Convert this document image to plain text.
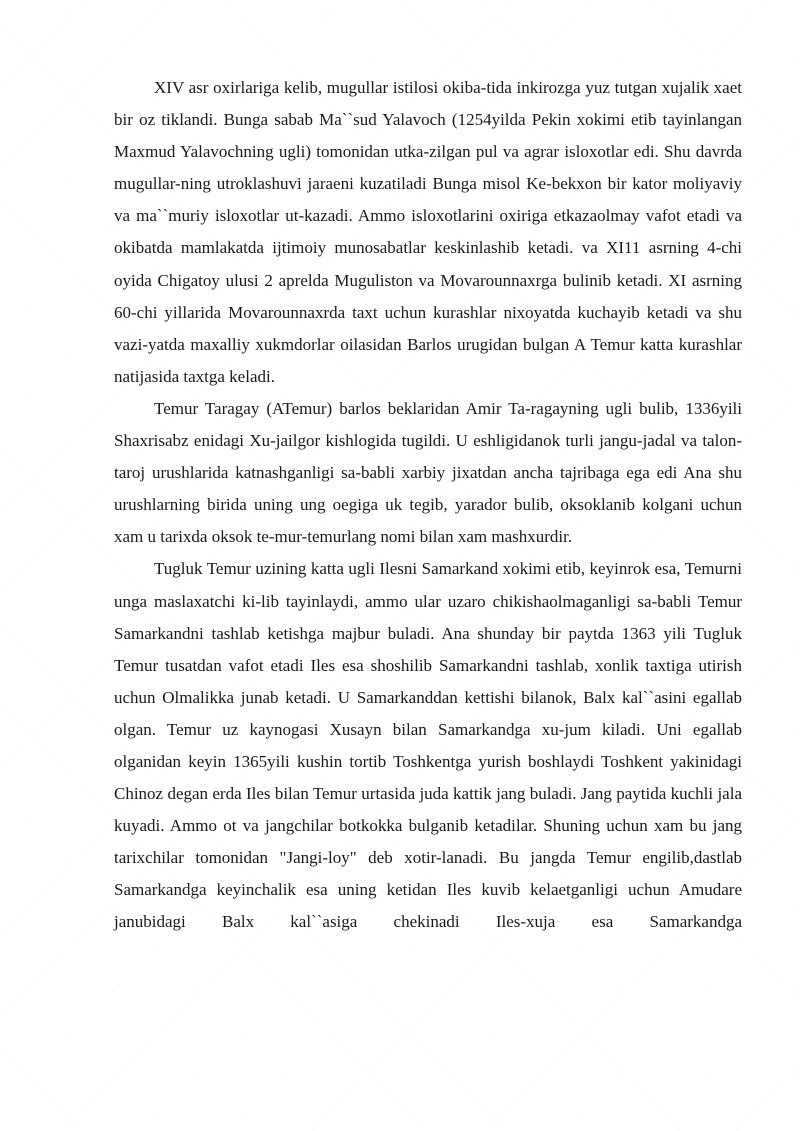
XIV asr oxirlariga kelib, mugullar istilosi okiba-tida inkirozga yuz tutgan xujalik xaet bir oz tiklandi. Bunga sabab Ma``sud Yalavoch (1254yilda Pekin xokimi etib tayinlangan Maxmud Yalavochning ugli) tomonidan utka-zilgan pul va agrar isloxotlar edi. Shu davrda mugullar-ning utroklashuvi jaraeni kuzatiladi Bunga misol Ke-bekxon bir kator moliyaviy va ma``muriy isloxotlar ut-kazadi. Ammo isloxotlarini oxiriga etkazaolmay vafot etadi va okibatda mamlakatda ijtimoiy munosabatlar keskinlashib ketadi. va XI11 asrning 4-chi oyida Chigatoy ulusi 2 aprelda Muguliston va Movarounnaxrga bulinib ketadi. XI asrning 60-chi yillarida Movarounnaxrda taxt uchun kurashlar nixoyatda kuchayib ketadi va shu vazi-yatda maxalliy xukmdorlar oilasidan Barlos urugidan bulgan A Temur katta kurashlar natijasida taxtga keladi.

Temur Taragay (ATemur) barlos beklaridan Amir Ta-ragayning ugli bulib, 1336yili Shaxrisabz enidagi Xu-jailgor kishlogida tugildi. U eshligidanok turli jangu-jadal va talon-taroj urushlarida katnashganligi sa-babli xarbiy jixatdan ancha tajribaga ega edi Ana shu urushlarning birida uning ung oegiga uk tegib, yarador bulib, oksoklanib kolgani uchun xam u tarixda oksok te-mur-temurlang nomi bilan xam mashxurdir.

Tugluk Temur uzining katta ugli Ilesni Samarkand xokimi etib, keyinrok esa, Temurni unga maslaxatchi ki-lib tayinlaydi, ammo ular uzaro chikishaolmaganligi sa-babli Temur Samarkandni tashlab ketishga majbur buladi. Ana shunday bir paytda 1363 yili Tugluk Temur tusatdan vafot etadi Iles esa shoshilib Samarkandni tashlab, xonlik taxtiga utirish uchun Olmalikka junab ketadi. U Samarkanddan kettishi bilanok, Balx kal``asini egallab olgan. Temur uz kaynogasi Xusayn bilan Samarkandga xu-jum kiladi. Uni egallab olganidan keyin 1365yili kushin tortib Toshkentga yurish boshlaydi Toshkent yakinidagi Chinoz degan erda Iles bilan Temur urtasida juda kattik jang buladi. Jang paytida kuchli jala kuyadi. Ammo ot va jangchilar botkokka bulganib ketadilar. Shuning uchun xam bu jang tarixchilar tomonidan "Jangi-loy" deb xotir-lanadi. Bu jangda Temur engilib,dastlab Samarkandga keyinchalik esa uning ketidan Iles kuvib kelaetganligi uchun Amudare janubidagi Balx kal``asiga chekinadi Iles-xuja esa Samarkandga
